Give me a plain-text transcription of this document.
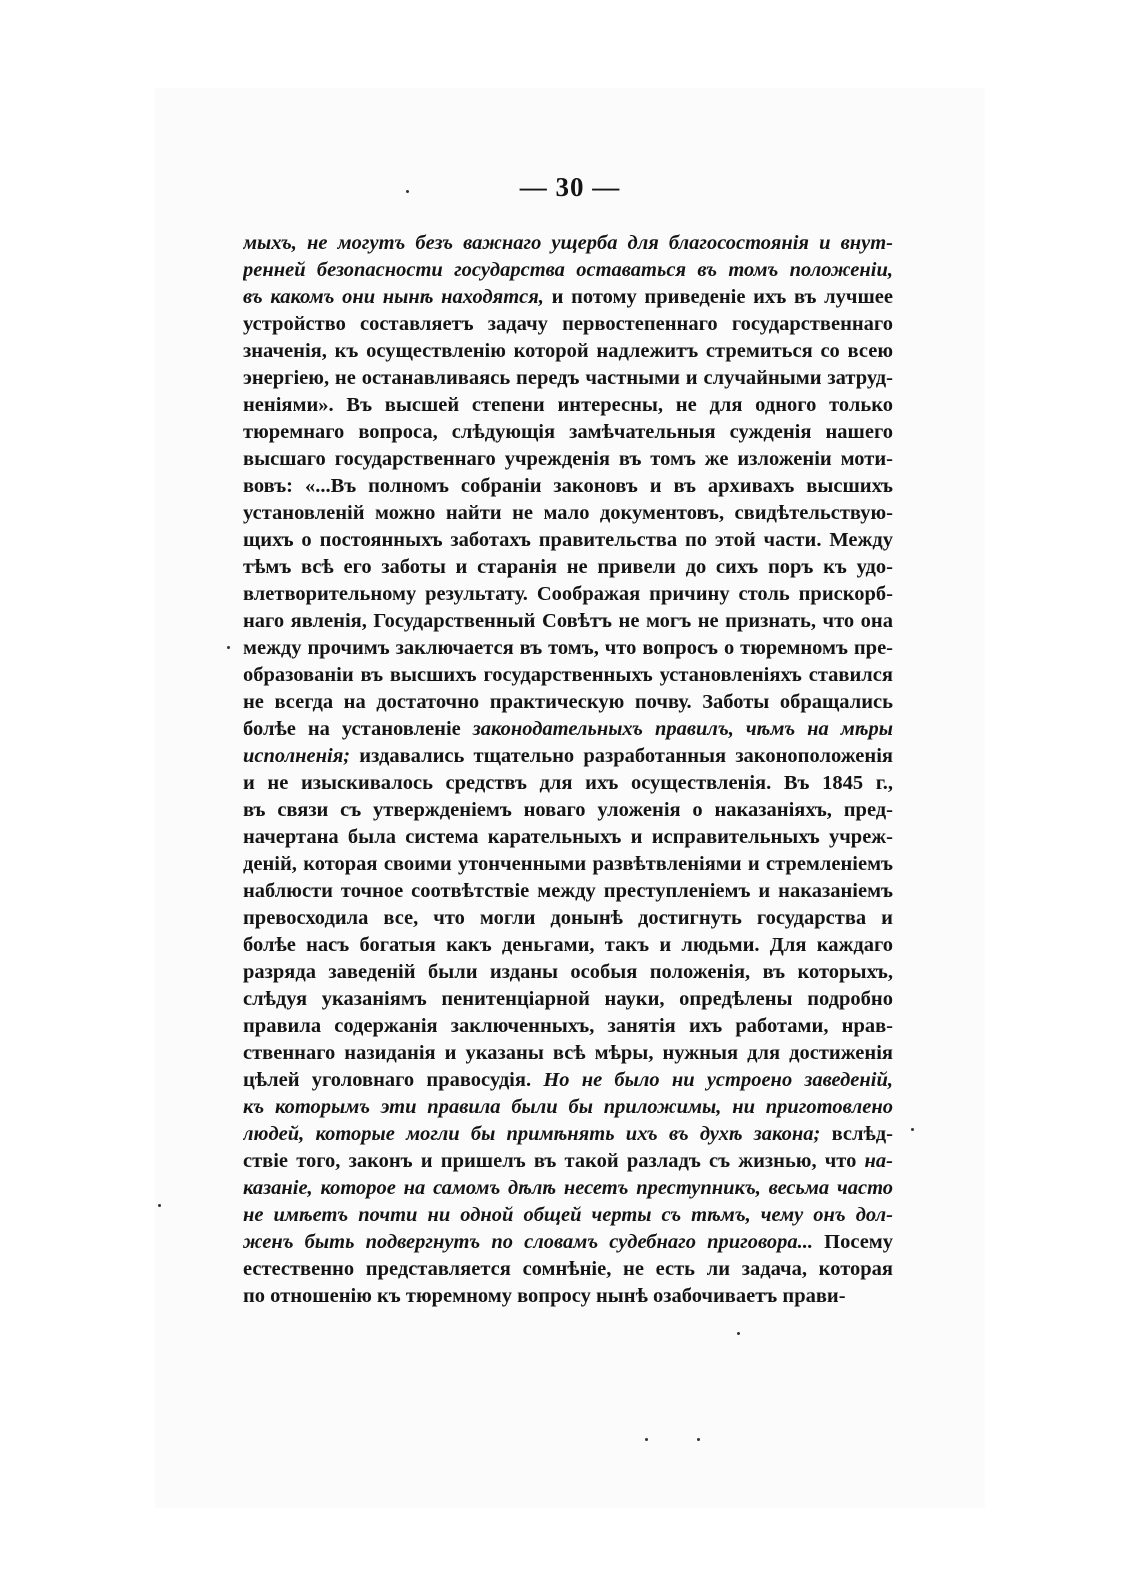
— 30 —
мыхъ, не могутъ безъ важнаго ущерба для благосостоянія и внут-
ренней безопасности государства оставаться въ томъ положеніи,
въ какомъ они нынѣ находятся, и потому приведеніе ихъ въ лучшее
устройство составляетъ задачу первостепеннаго государственнаго
значенія, къ осуществленію которой надлежитъ стремиться со всею
энергіею, не останавливаясь передъ частными и случайными затруд-
неніями». Въ высшей степени интересны, не для одного только
тюремнаго вопроса, слѣдующія замѣчательныя сужденія нашего
высшаго государственнаго учрежденія въ томъ же изложеніи моти-
вовъ: «...Въ полномъ собраніи законовъ и въ архивахъ высшихъ
установленій можно найти не мало документовъ, свидѣтельствую-
щихъ о постоянныхъ заботахъ правительства по этой части. Между
тѣмъ всѣ его заботы и старанія не привели до сихъ поръ къ удо-
влетворительному результату. Соображая причину столь прискорб-
наго явленія, Государственный Совѣтъ не могъ не признать, что она
между прочимъ заключается въ томъ, что вопросъ о тюремномъ пре-
образованіи въ высшихъ государственныхъ установленіяхъ ставился
не всегда на достаточно практическую почву. Заботы обращались
болѣе на установленіе законодательныхъ правилъ, чѣмъ на мѣры
исполненія; издавались тщательно разработанныя законоположенія
и не изыскивалось средствъ для ихъ осуществленія. Въ 1845 г.,
въ связи съ утвержденіемъ новаго уложенія о наказаніяхъ, пред-
начертана была система карательныхъ и исправительныхъ учреж-
деній, которая своими утонченными развѣтвленіями и стремленіемъ
наблюсти точное соотвѣтствіе между преступленіемъ и наказаніемъ
превосходила все, что могли донынѣ достигнуть государства и
болѣе насъ богатыя какъ деньгами, такъ и людьми. Для каждаго
разряда заведеній были изданы особыя положенія, въ которыхъ,
слѣдуя указаніямъ пенитенціарной науки, опредѣлены подробно
правила содержанія заключенныхъ, занятія ихъ работами, нрав-
ственнаго назиданія и указаны всѣ мѣры, нужныя для достиженія
цѣлей уголовнаго правосудія. Но не было ни устроено заведеній,
къ которымъ эти правила были бы приложимы, ни приготовлено
людей, которые могли бы примѣнять ихъ въ духѣ закона; вслѣд-
ствіе того, законъ и пришелъ въ такой разладъ съ жизнью, что на-
казаніе, которое на самомъ дѣлѣ несетъ преступникъ, весьма часто
не имѣетъ почти ни одной общей черты съ тѣмъ, чему онъ дол-
женъ быть подвергнутъ по словамъ судебнаго приговора... Посему
естественно представляется сомнѣніе, не есть ли задача, которая
по отношенію къ тюремному вопросу нынѣ озабочиваетъ прави-
